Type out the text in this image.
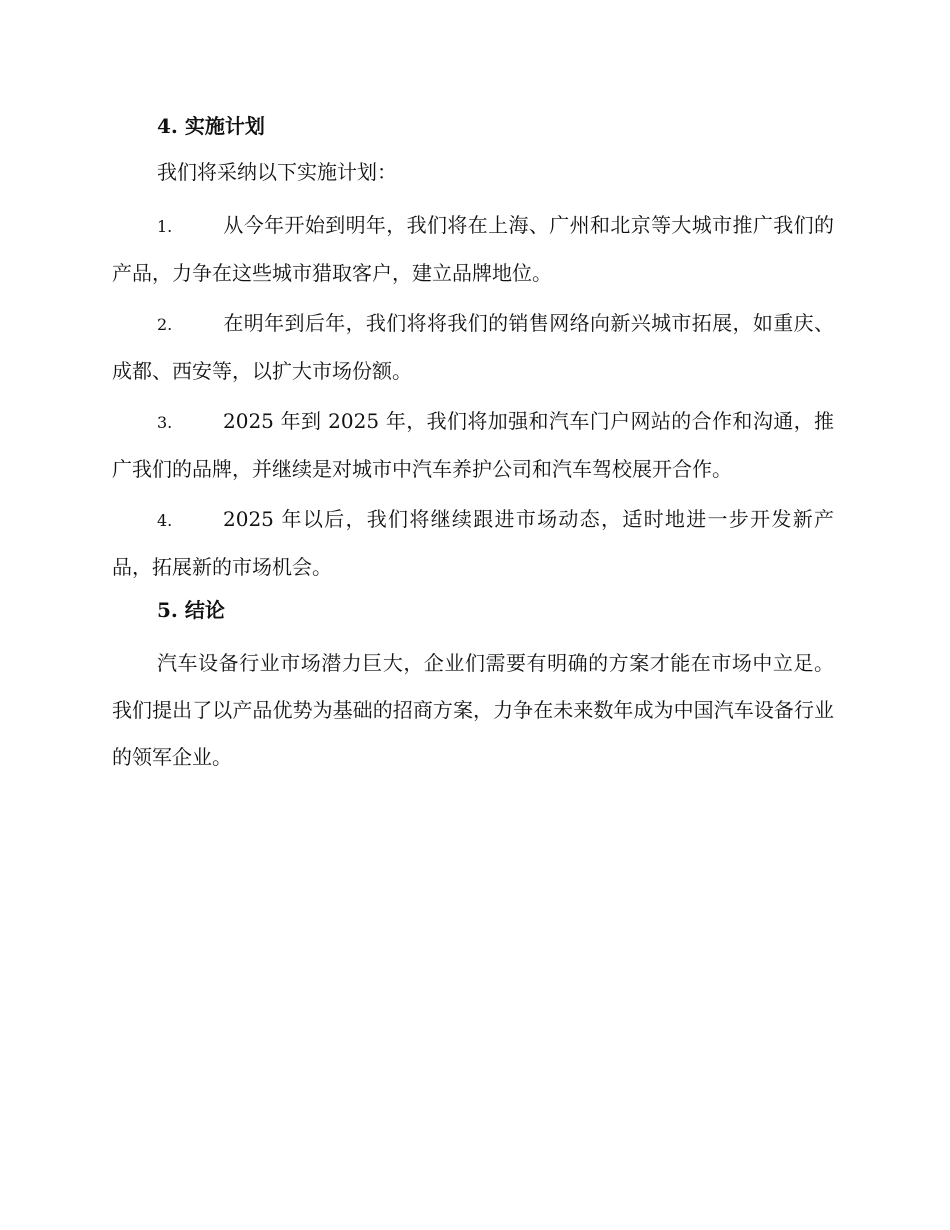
4. 实施计划
我们将采纳以下实施计划：
1.	从今年开始到明年，我们将在上海、广州和北京等大城市推广我们的产品，力争在这些城市猎取客户，建立品牌地位。
2.	在明年到后年，我们将将我们的销售网络向新兴城市拓展，如重庆、成都、西安等，以扩大市场份额。
3.	2025 年到 2025 年，我们将加强和汽车门户网站的合作和沟通，推广我们的品牌，并继续是对城市中汽车养护公司和汽车驾校展开合作。
4.	2025 年以后，我们将继续跟进市场动态，适时地进一步开发新产品，拓展新的市场机会。
5. 结论
汽车设备行业市场潜力巨大，企业们需要有明确的方案才能在市场中立足。我们提出了以产品优势为基础的招商方案，力争在未来数年成为中国汽车设备行业的领军企业。
